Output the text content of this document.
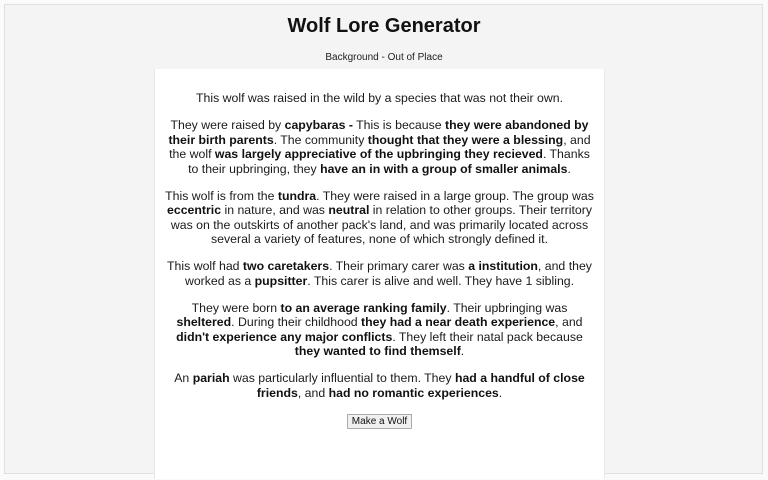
Wolf Lore Generator
Background - Out of Place

This wolf was raised in the wild by a species that was not their own.

They were raised by capybaras - This is because they were abandoned by their birth parents. The community thought that they were a blessing, and the wolf was largely appreciative of the upbringing they recieved. Thanks to their upbringing, they have an in with a group of smaller animals.

This wolf is from the tundra. They were raised in a large group. The group was eccentric in nature, and was neutral in relation to other groups. Their territory was on the outskirts of another pack's land, and was primarily located across several a variety of features, none of which strongly defined it.

This wolf had two caretakers. Their primary carer was a institution, and they worked as a pupsitter. This carer is alive and well. They have 1 sibling.

They were born to an average ranking family. Their upbringing was sheltered. During their childhood they had a near death experience, and didn't experience any major conflicts. They left their natal pack because they wanted to find themself.

An pariah was particularly influential to them. They had a handful of close friends, and had no romantic experiences.

Make a Wolf
